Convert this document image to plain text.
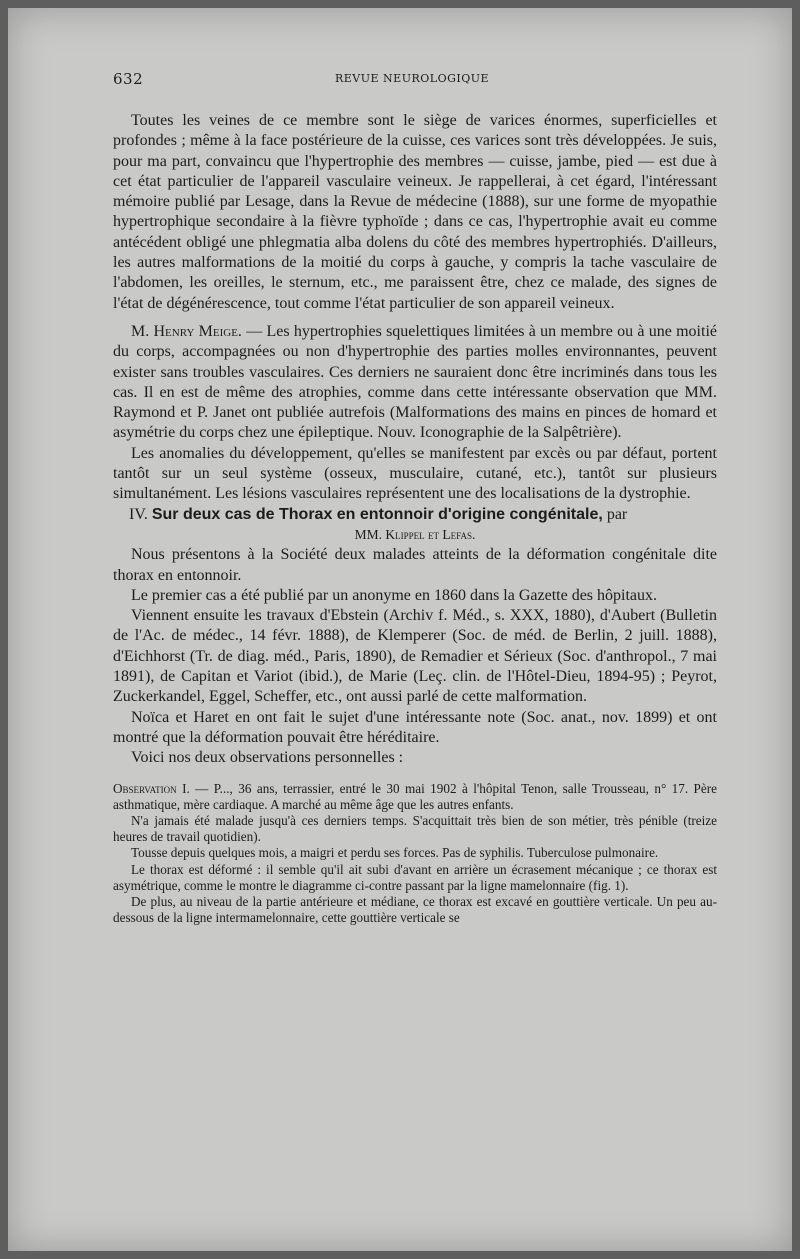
632	REVUE NEUROLOGIQUE

Toutes les veines de ce membre sont le siège de varices énormes, superficielles et profondes ; même à la face postérieure de la cuisse, ces varices sont très développées. Je suis, pour ma part, convaincu que l'hypertrophie des membres — cuisse, jambe, pied — est due à cet état particulier de l'appareil vasculaire veineux. Je rappellerai, à cet égard, l'intéressant mémoire publié par Lesage, dans la Revue de médecine (1888), sur une forme de myopathie hypertrophique secondaire à la fièvre typhoïde ; dans ce cas, l'hypertrophie avait eu comme antécédent obligé une phlegmatia alba dolens du côté des membres hypertrophiés. D'ailleurs, les autres malformations de la moitié du corps à gauche, y compris la tache vasculaire de l'abdomen, les oreilles, le sternum, etc., me paraissent être, chez ce malade, des signes de l'état de dégénérescence, tout comme l'état particulier de son appareil veineux.

M. Henry Meige. — Les hypertrophies squelettiques limitées à un membre ou à une moitié du corps, accompagnées ou non d'hypertrophie des parties molles environnantes, peuvent exister sans troubles vasculaires. Ces derniers ne sauraient donc être incriminés dans tous les cas. Il en est de même des atrophies, comme dans cette intéressante observation que MM. Raymond et P. Janet ont publiée autrefois (Malformations des mains en pinces de homard et asymétrie du corps chez une épileptique. Nouv. Iconographie de la Salpêtrière).

Les anomalies du développement, qu'elles se manifestent par excès ou par défaut, portent tantôt sur un seul système (osseux, musculaire, cutané, etc.), tantôt sur plusieurs simultanément. Les lésions vasculaires représentent une des localisations de la dystrophie.

IV. Sur deux cas de Thorax en entonnoir d'origine congénitale, par

MM. Klippel et Lefas.

Nous présentons à la Société deux malades atteints de la déformation congénitale dite thorax en entonnoir.

Le premier cas a été publié par un anonyme en 1860 dans la Gazette des hôpitaux.

Viennent ensuite les travaux d'Ebstein (Archiv f. Méd., s. XXX, 1880), d'Aubert (Bulletin de l'Ac. de médec., 14 févr. 1888), de Klemperer (Soc. de méd. de Berlin, 2 juill. 1888), d'Eichhorst (Tr. de diag. méd., Paris, 1890), de Remadier et Sérieux (Soc. d'anthropol., 7 mai 1891), de Capitan et Variot (ibid.), de Marie (Leç. clin. de l'Hôtel-Dieu, 1894-95) ; Peyrot, Zuckerkandel, Eggel, Scheffer, etc., ont aussi parlé de cette malformation.

Noïca et Haret en ont fait le sujet d'une intéressante note (Soc. anat., nov. 1899) et ont montré que la déformation pouvait être héréditaire.

Voici nos deux observations personnelles :

Observation I. — P..., 36 ans, terrassier, entré le 30 mai 1902 à l'hôpital Tenon, salle Trousseau, n° 17. Père asthmatique, mère cardiaque. A marché au même âge que les autres enfants.

N'a jamais été malade jusqu'à ces derniers temps. S'acquittait très bien de son métier, très pénible (treize heures de travail quotidien).

Tousse depuis quelques mois, a maigri et perdu ses forces. Pas de syphilis. Tuberculose pulmonaire.

Le thorax est déformé : il semble qu'il ait subi d'avant en arrière un écrasement mécanique ; ce thorax est asymétrique, comme le montre le diagramme ci-contre passant par la ligne mamelonnaire (fig. 1).

De plus, au niveau de la partie antérieure et médiane, ce thorax est excavé en gouttière verticale. Un peu au-dessous de la ligne intermamelonnaire, cette gouttière verticale se
